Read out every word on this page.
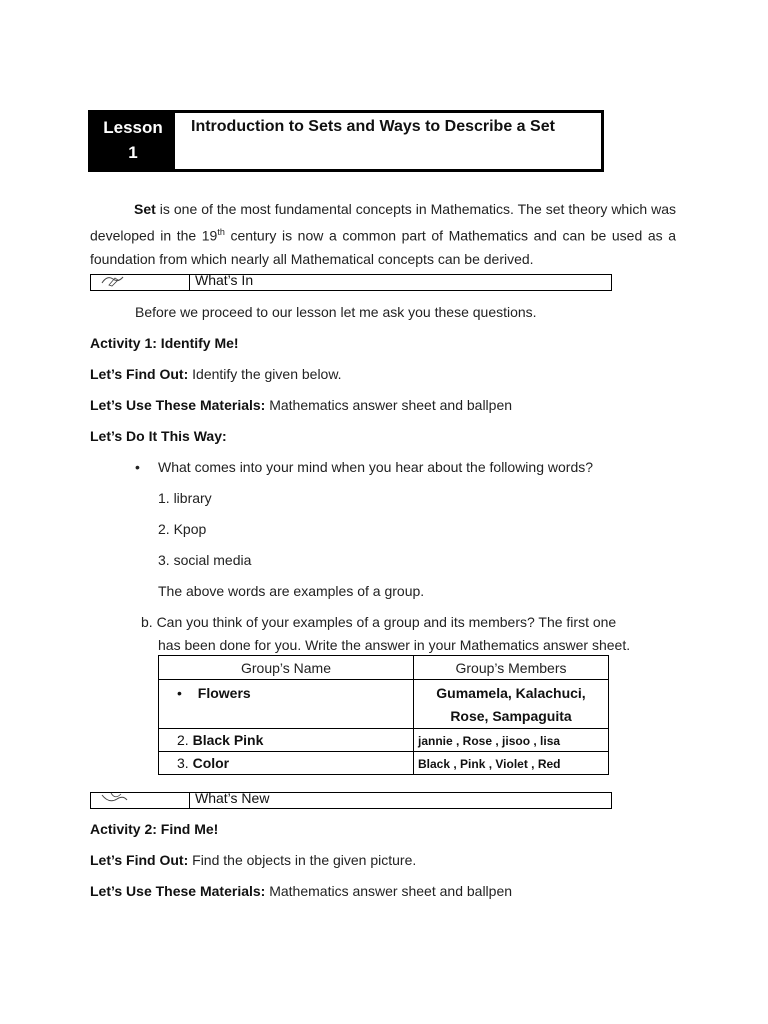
Lesson
1
Introduction to Sets and Ways to Describe a Set
Set is one of the most fundamental concepts in Mathematics. The set theory which was developed in the 19th century is now a common part of Mathematics and can be used as a foundation from which nearly all Mathematical concepts can be derived.
What’s In
Before we proceed to our lesson let me ask you these questions.
Activity 1: Identify Me!
Let’s Find Out: Identify the given below.
Let’s Use These Materials: Mathematics answer sheet and ballpen
Let’s Do It This Way:
• What comes into your mind when you hear about the following words?
1. library
2. Kpop
3. social media
The above words are examples of a group.
b. Can you think of your examples of a group and its members? The first one
has been done for you. Write the answer in your Mathematics answer sheet.
Group’s Name	Group’s Members
• Flowers	Gumamela, Kalachuci,
Rose, Sampaguita

2. Black Pink	jannie , Rose , jisoo , lisa
3. Color	Black , Pink , Violet , Red
What’s New
Activity 2: Find Me!
Let’s Find Out: Find the objects in the given picture.
Let’s Use These Materials: Mathematics answer sheet and ballpen
